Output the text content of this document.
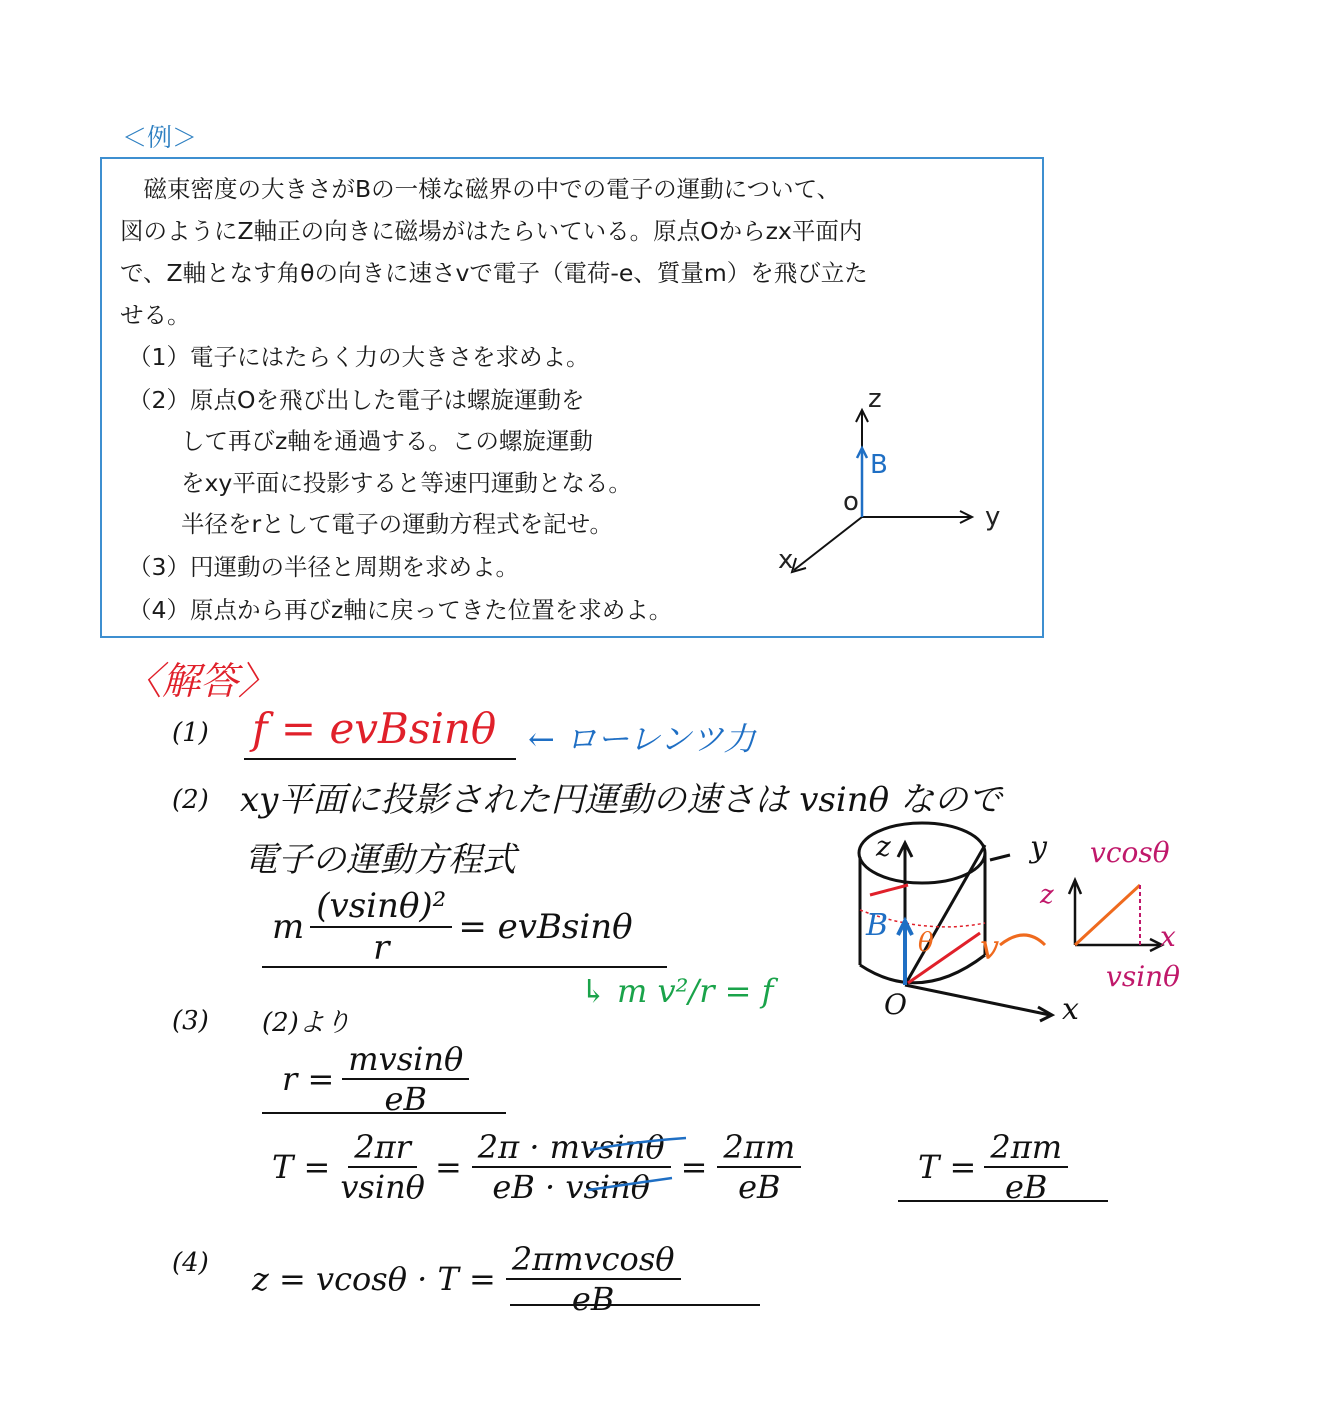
＜例＞
　磁束密度の大きさがBの一様な磁界の中での電子の運動について、
図のようにZ軸正の向きに磁場がはたらいている。原点Oからzx平面内
で、Z軸となす角θの向きに速さvで電子（電荷-e、質量m）を飛び立た
せる。
（1）電子にはたらく力の大きさを求めよ。
（2）原点Oを飛び出した電子は螺旋運動を
して再びz軸を通過する。この螺旋運動
をxy平面に投影すると等速円運動となる。
半径をrとして電子の運動方程式を記せ。
（3）円運動の半径と周期を求めよ。
（4）原点から再びz軸に戻ってきた位置を求めよ。
z
B
o	y
x
〈解答〉
(1) f = evBsinθ ← ローレンツ力
(2) xy平面に投影された円運動の速さは vsinθ なので
電子の運動方程式
m $\frac{\text{(vsinθ)²}}{r} = evBsin\theta$
↳ m v²/r = f
(3) (2)より
$r = \frac{mvsin\theta}{eB}$
$T = \frac{2\pi r}{vsin\theta} = \frac{2\pi \cdot mvsin\theta}{eB \cdot vsin\theta} = \frac{2\pi m}{eB}$	$T = \frac{2\pi m}{eB}$
(4) $z = vcos\theta \cdot T = \frac{\text{2πmvcosθ}}{eB}$
z	y
x
O
B
v
θ
vcosθ
vsinθ
z
x
